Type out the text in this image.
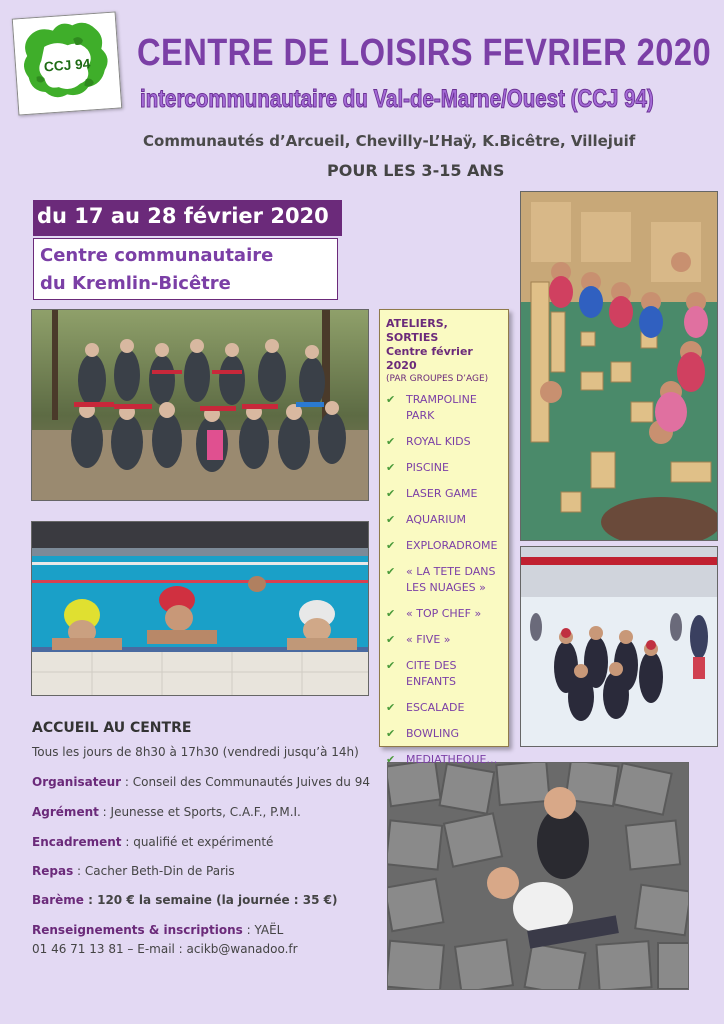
CCJ 94 CENTRE DE LOISIRS FEVRIER 2020
intercommunautaire du Val-de-Marne/Ouest (CCJ 94)
Communautés d’Arcueil, Chevilly-L’Haÿ, K.Bicêtre, Villejuif
POUR LES 3-15 ANS
du 17 au 28 février 2020
Centre communautaire
du Kremlin-Bicêtre
ATELIERS, SORTIES
Centre février 2020
(PAR GROUPES D’AGE)
✔ TRAMPOLINE PARK
✔ ROYAL KIDS
✔ PISCINE
✔ LASER GAME
✔ AQUARIUM
✔ EXPLORADROME
✔ « LA TETE DANS LES NUAGES »
✔ « TOP CHEF »
✔ « FIVE »
✔ CITE DES ENFANTS
✔ ESCALADE
✔ BOWLING
✔ MEDIATHEQUE…
ACCUEIL AU CENTRE
Tous les jours de 8h30 à 17h30 (vendredi jusqu’à 14h)
Organisateur : Conseil des Communautés Juives du 94
Agrément : Jeunesse et Sports, C.A.F., P.M.I.
Encadrement : qualifié et expérimenté
Repas : Cacher Beth-Din de Paris
Barème : 120 € la semaine (la journée : 35 €)
Renseignements & inscriptions : YAËL
01 46 71 13 81 – E-mail : acikb@wanadoo.fr
